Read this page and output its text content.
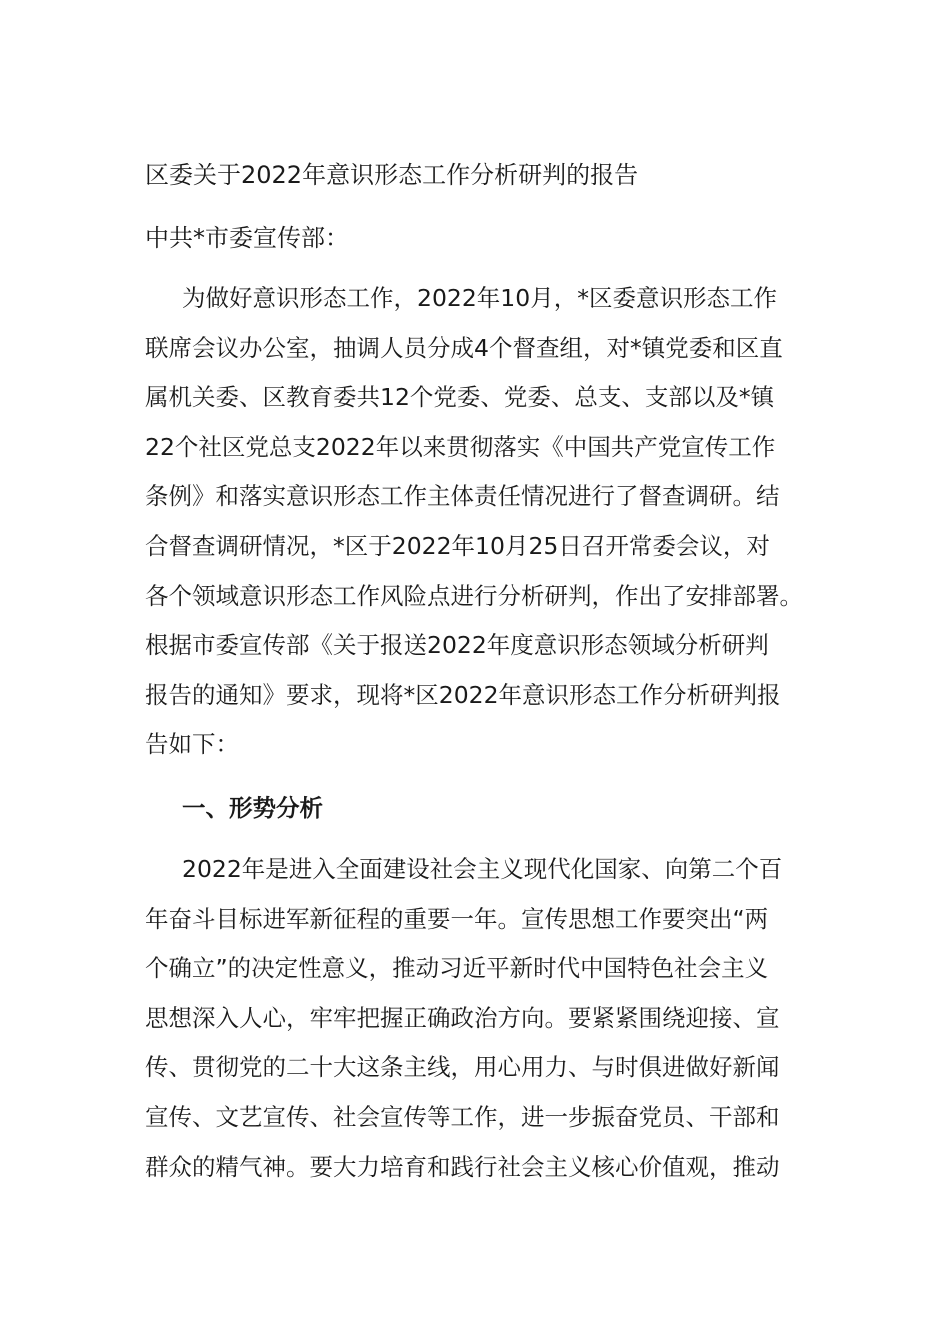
区委关于2022年意识形态工作分析研判的报告
中共*市委宣传部：
为做好意识形态工作，2022年10月，*区委意识形态工作
联席会议办公室，抽调人员分成4个督查组，对*镇党委和区直
属机关委、区教育委共12个党委、党委、总支、支部以及*镇
22个社区党总支2022年以来贯彻落实《中国共产党宣传工作
条例》和落实意识形态工作主体责任情况进行了督查调研。结
合督查调研情况，*区于2022年10月25日召开常委会议，对
各个领域意识形态工作风险点进行分析研判，作出了安排部署。
根据市委宣传部《关于报送2022年度意识形态领域分析研判
报告的通知》要求，现将*区2022年意识形态工作分析研判报
告如下：
一、形势分析
2022年是进入全面建设社会主义现代化国家、向第二个百
年奋斗目标进军新征程的重要一年。宣传思想工作要突出“两
个确立”的决定性意义，推动习近平新时代中国特色社会主义
思想深入人心，牢牢把握正确政治方向。要紧紧围绕迎接、宣
传、贯彻党的二十大这条主线，用心用力、与时俱进做好新闻
宣传、文艺宣传、社会宣传等工作，进一步振奋党员、干部和
群众的精气神。要大力培育和践行社会主义核心价值观，推动
